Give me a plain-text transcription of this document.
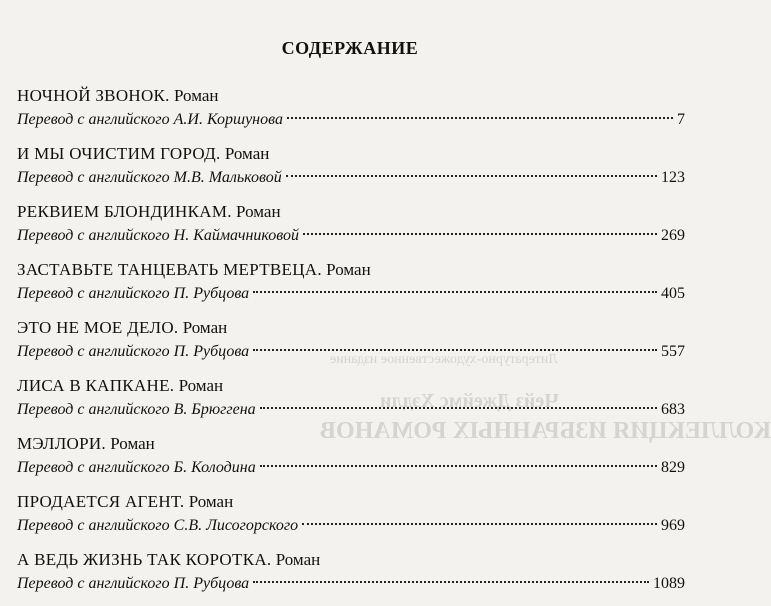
Литературно-художественное издание
Чейз Джеймс Хэдли
КОЛЛЕКЦИЯ ИЗБРАННЫХ РОМАНОВ
СОДЕРЖАНИЕ
НОЧНОЙ ЗВОНОК. Роман
Перевод с английского А.И. Коршунова	7
И МЫ ОЧИСТИМ ГОРОД. Роман
Перевод с английского М.В. Мальковой	123
РЕКВИЕМ БЛОНДИНКАМ. Роман
Перевод с английского Н. Каймачниковой	269
ЗАСТАВЬТЕ ТАНЦЕВАТЬ МЕРТВЕЦА. Роман
Перевод с английского П. Рубцова	405
ЭТО НЕ МОЕ ДЕЛО. Роман
Перевод с английского П. Рубцова	557
ЛИСА В КАПКАНЕ. Роман
Перевод с английского В. Брюггена	683
МЭЛЛОРИ. Роман
Перевод с английского Б. Колодина	829
ПРОДАЕТСЯ АГЕНТ. Роман
Перевод с английского С.В. Лисогорского	969
А ВЕДЬ ЖИЗНЬ ТАК КОРОТКА. Роман
Перевод с английского П. Рубцова	1089
